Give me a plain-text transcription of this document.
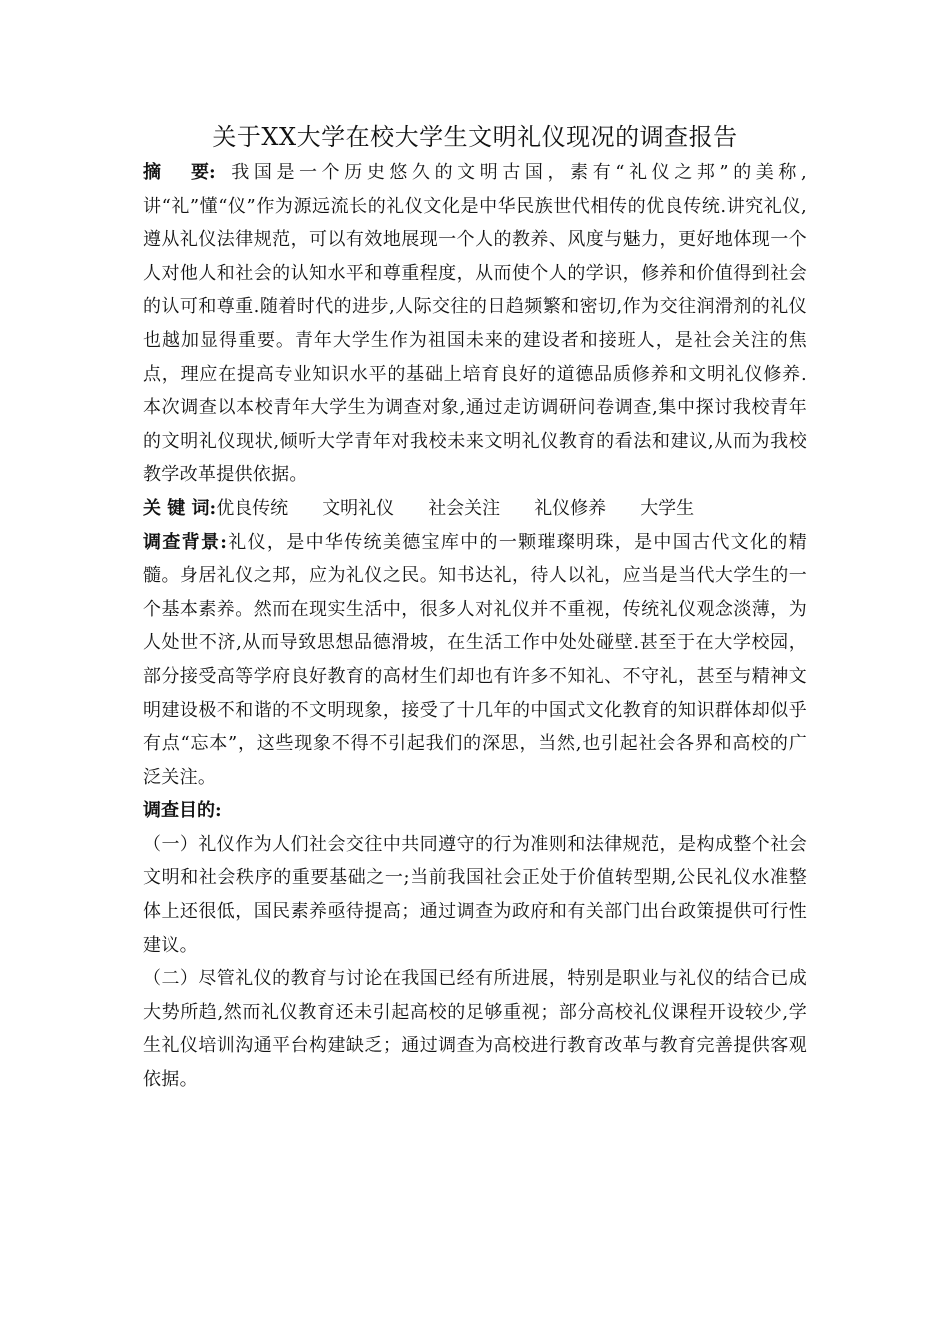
关于XX大学在校大学生文明礼仪现况的调查报告

摘 要: 我国是一个历史悠久的文明古国，素有“礼仪之邦”的美称,讲“礼”懂“仪”作为源远流长的礼仪文化是中华民族世代相传的优良传统.讲究礼仪,遵从礼仪法律规范，可以有效地展现一个人的教养、风度与魅力，更好地体现一个人对他人和社会的认知水平和尊重程度，从而使个人的学识，修养和价值得到社会的认可和尊重.随着时代的进步,人际交往的日趋频繁和密切,作为交往润滑剂的礼仪也越加显得重要。青年大学生作为祖国未来的建设者和接班人，是社会关注的焦点，理应在提高专业知识水平的基础上培育良好的道德品质修养和文明礼仪修养.本次调查以本校青年大学生为调查对象,通过走访调研问卷调查,集中探讨我校青年的文明礼仪现状,倾听大学青年对我校未来文明礼仪教育的看法和建议,从而为我校教学改革提供依据。

关 键 词:优良传统 文明礼仪 社会关注 礼仪修养 大学生

调查背景:礼仪，是中华传统美德宝库中的一颗璀璨明珠，是中国古代文化的精髓。身居礼仪之邦，应为礼仪之民。知书达礼，待人以礼，应当是当代大学生的一个基本素养。然而在现实生活中，很多人对礼仪并不重视，传统礼仪观念淡薄，为人处世不济,从而导致思想品德滑坡，在生活工作中处处碰壁.甚至于在大学校园，部分接受高等学府良好教育的高材生们却也有许多不知礼、不守礼，甚至与精神文明建设极不和谐的不文明现象，接受了十几年的中国式文化教育的知识群体却似乎有点“忘本”，这些现象不得不引起我们的深思，当然,也引起社会各界和高校的广泛关注。

调查目的:

（一）礼仪作为人们社会交往中共同遵守的行为准则和法律规范，是构成整个社会文明和社会秩序的重要基础之一;当前我国社会正处于价值转型期,公民礼仪水准整体上还很低，国民素养亟待提高；通过调查为政府和有关部门出台政策提供可行性建议。

（二）尽管礼仪的教育与讨论在我国已经有所进展，特别是职业与礼仪的结合已成大势所趋,然而礼仪教育还未引起高校的足够重视；部分高校礼仪课程开设较少,学生礼仪培训沟通平台构建缺乏；通过调查为高校进行教育改革与教育完善提供客观依据。
